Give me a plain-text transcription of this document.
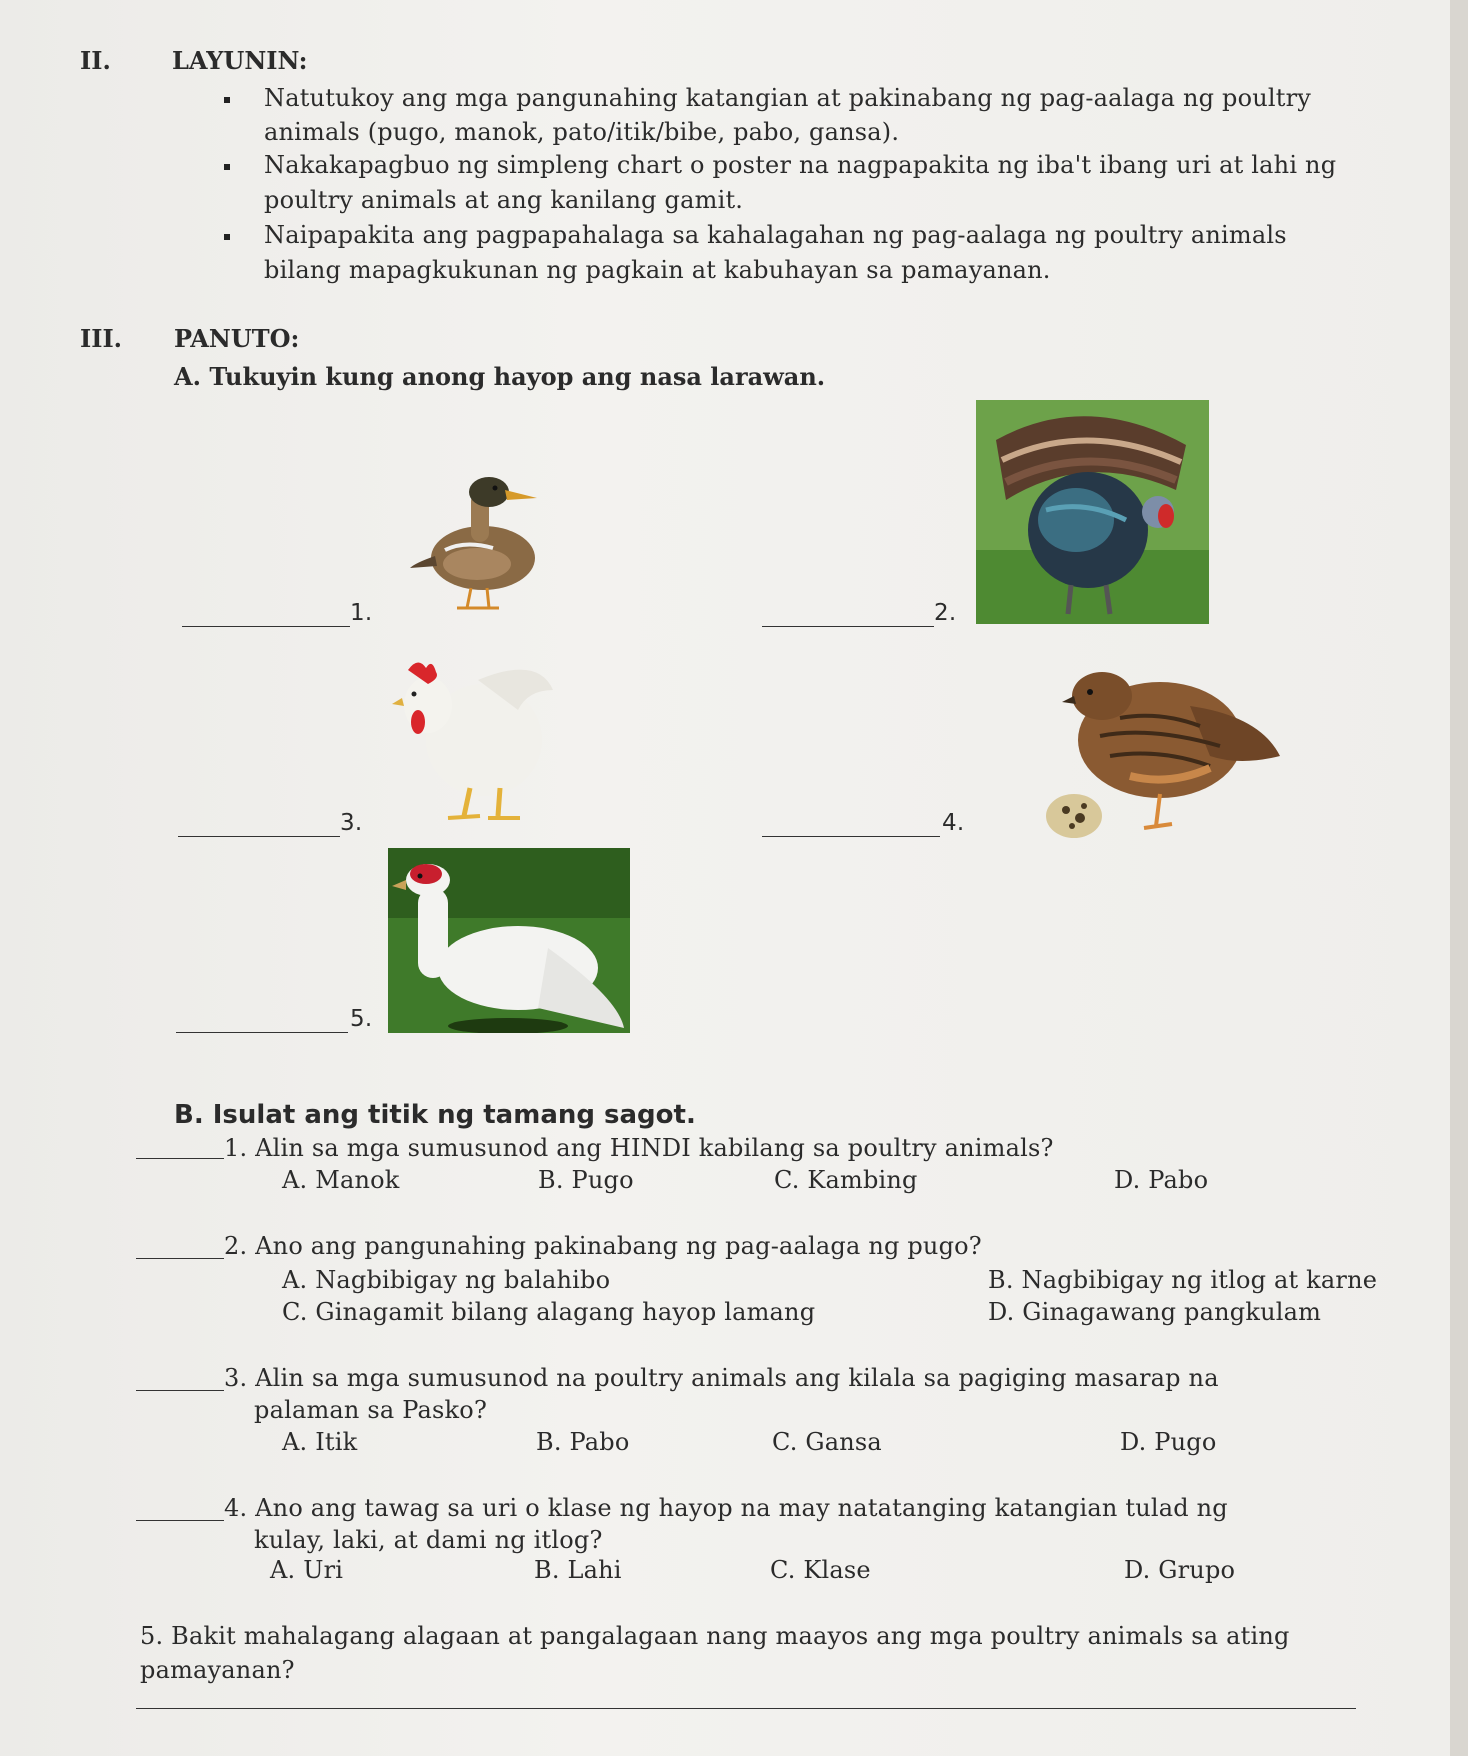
II.	LAYUNIN:
Natutukoy ang mga pangunahing katangian at pakinabang ng pag-aalaga ng poultry
animals (pugo, manok, pato/itik/bibe, pabo, gansa).
Nakakapagbuo ng simpleng chart o poster na nagpapakita ng iba't ibang uri at lahi ng
poultry animals at ang kanilang gamit.
Naipapakita ang pagpapahalaga sa kahalagahan ng pag-aalaga ng poultry animals
bilang mapagkukunan ng pagkain at kabuhayan sa pamayanan.
III. PANUTO:
A. Tukuyin kung anong hayop ang nasa larawan.
1.	2.
3.	4.
5.
B. Isulat ang titik ng tamang sagot.
1. Alin sa mga sumusunod ang HINDI kabilang sa poultry animals?
A. Manok	B. Pugo	C. Kambing	D. Pabo
2. Ano ang pangunahing pakinabang ng pag-aalaga ng pugo?
A. Nagbibigay ng balahibo	B. Nagbibigay ng itlog at karne
C. Ginagamit bilang alagang hayop lamang	D. Ginagawang pangkulam
3. Alin sa mga sumusunod na poultry animals ang kilala sa pagiging masarap na
palaman sa Pasko?
A. Itik	B. Pabo	C. Gansa	D. Pugo
4. Ano ang tawag sa uri o klase ng hayop na may natatanging katangian tulad ng
kulay, laki, at dami ng itlog?
A. Uri	B. Lahi	C. Klase	D. Grupo
5. Bakit mahalagang alagaan at pangalagaan nang maayos ang mga poultry animals sa ating
pamayanan?
